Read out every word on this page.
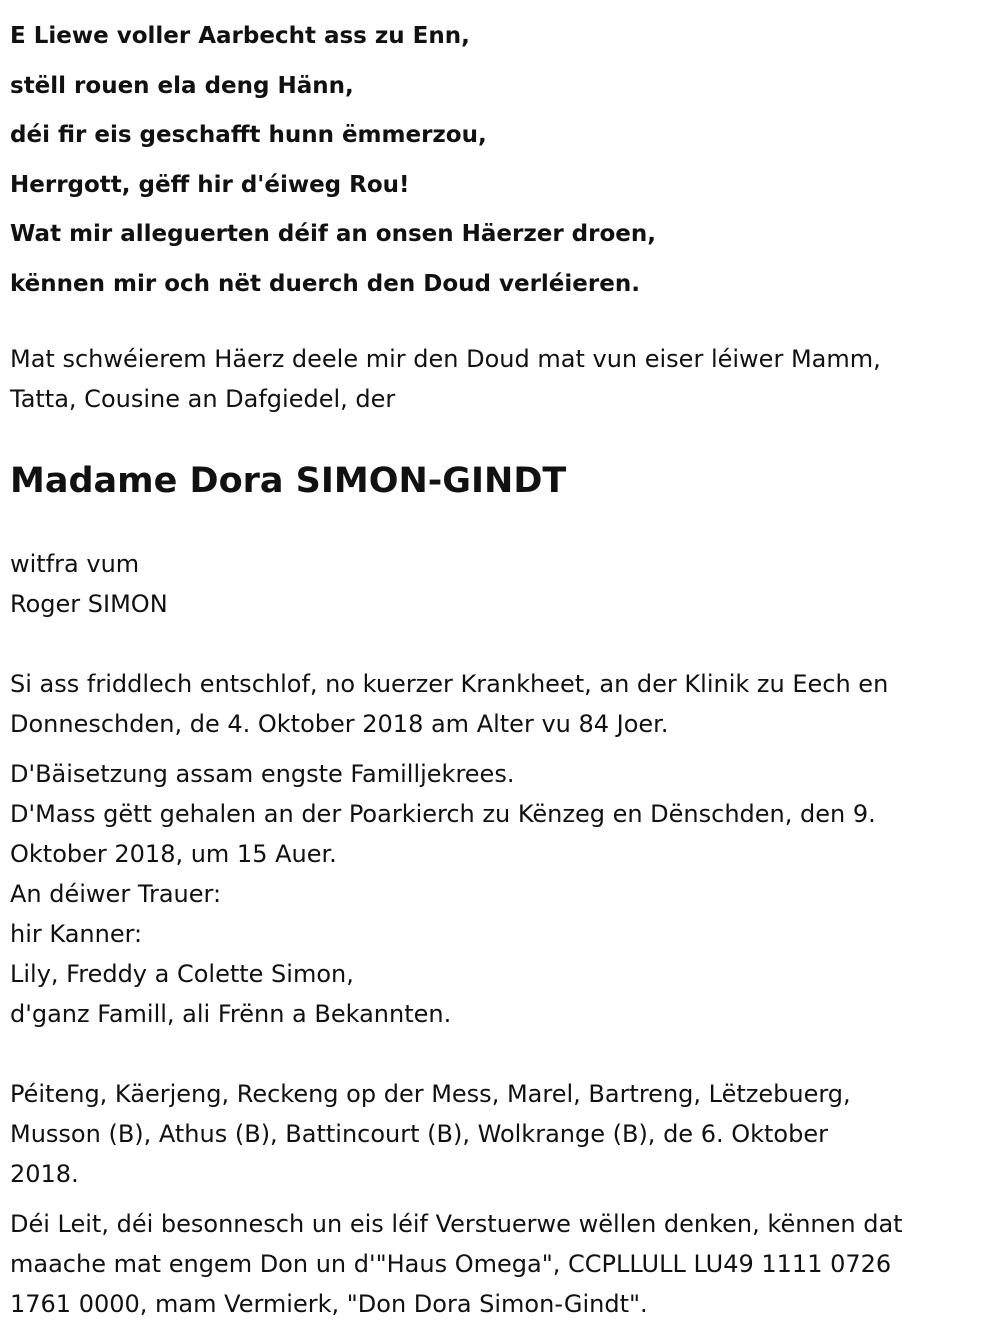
E Liewe voller Aarbecht ass zu Enn,
stëll rouen ela deng Hänn,
déi fir eis geschafft hunn ëmmerzou,
Herrgott, gëff hir d'éiweg Rou!
Wat mir alleguerten déif an onsen Häerzer droen,
kënnen mir och nët duerch den Doud verléieren.
Mat schwéierem Häerz deele mir den Doud mat vun eiser léiwer Mamm,
Tatta, Cousine an Dafgiedel, der
Madame Dora SIMON-GINDT
witfra vum
Roger SIMON
Si ass friddlech entschlof, no kuerzer Krankheet, an der Klinik zu Eech en
Donneschden, de 4. Oktober 2018 am Alter vu 84 Joer.
D'Bäisetzung assam engste Familljekrees.
D'Mass gëtt gehalen an der Poarkierch zu Kënzeg en Dënschden, den 9.
Oktober 2018, um 15 Auer.
An déiwer Trauer:
hir Kanner:
Lily, Freddy a Colette Simon,
d'ganz Famill, ali Frënn a Bekannten.
Péiteng, Käerjeng, Reckeng op der Mess, Marel, Bartreng, Lëtzebuerg,
Musson (B), Athus (B), Battincourt (B), Wolkrange (B), de 6. Oktober
2018.
Déi Leit, déi besonnesch un eis léif Verstuerwe wëllen denken, kënnen dat
maache mat engem Don un d'"Haus Omega", CCPLLULL LU49 1111 0726
1761 0000, mam Vermierk, "Don Dora Simon-Gindt".
